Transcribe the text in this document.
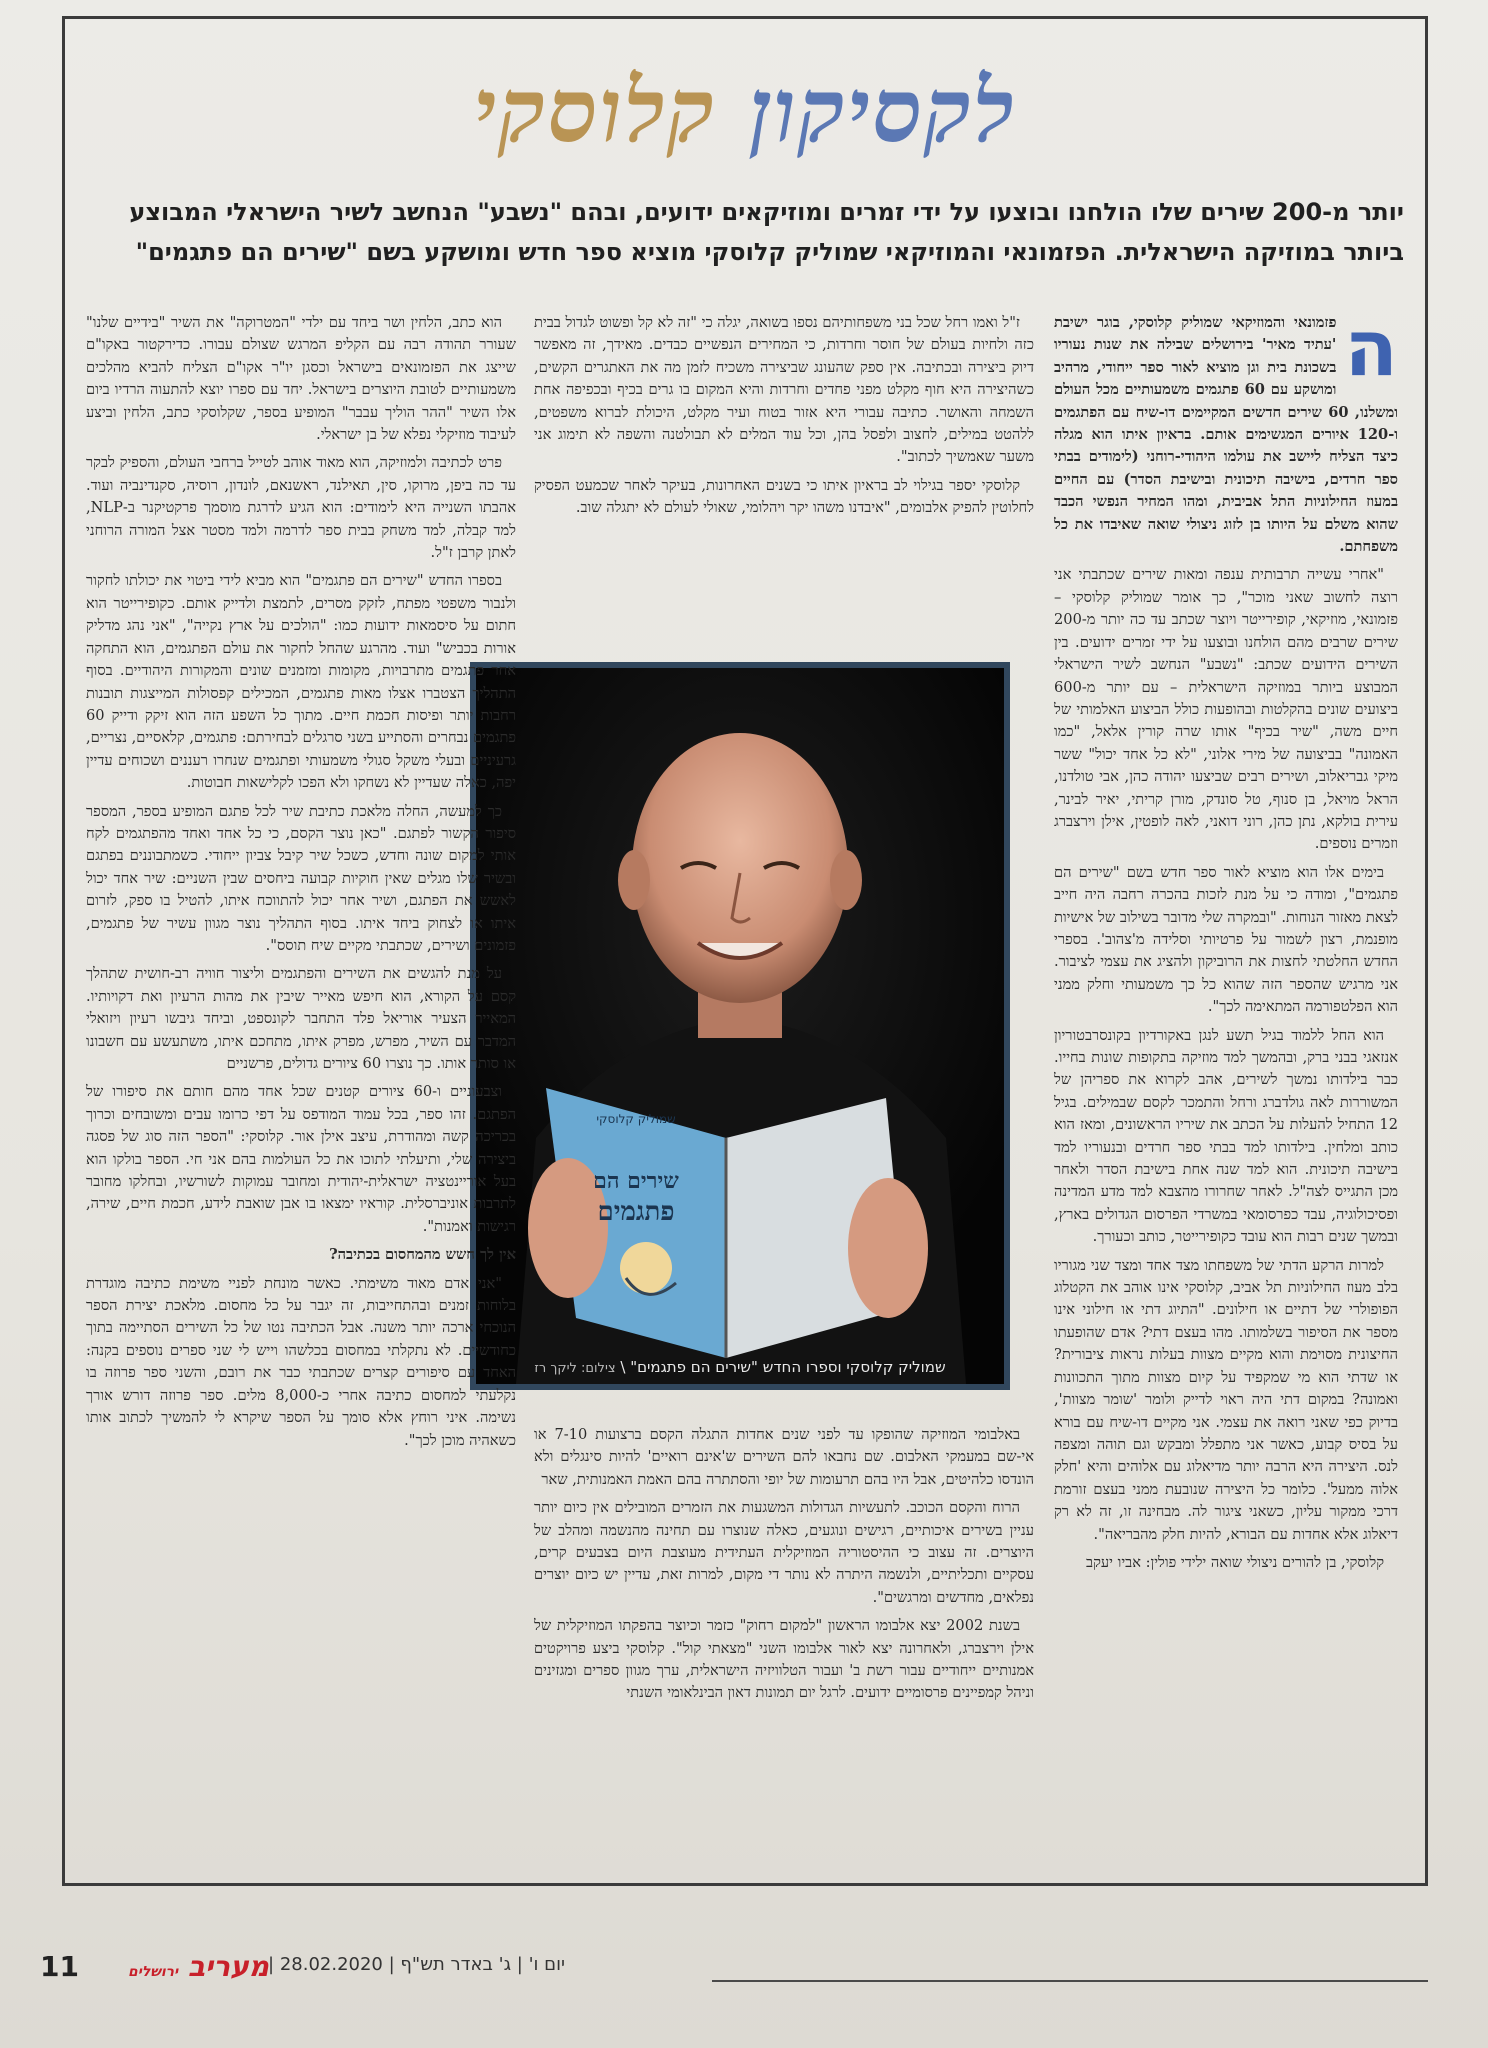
לקסיקון קלוסקי
יותר מ-200 שירים שלו הולחנו ובוצעו על ידי זמרים ומוזיקאים ידועים, ובהם "נשבע" הנחשב לשיר הישראלי המבוצע ביותר במוזיקה הישראלית. הפזמונאי והמוזיקאי שמוליק קלוסקי מוציא ספר חדש ומושקע בשם "שירים הם פתגמים"

ה
פזמונאי והמוזיקאי שמוליק קלוסקי, בוגר ישיבת 'עתיד מאיר' בירושלים שבילה את שנות נעוריו בשכונת בית וגן מוציא לאור ספר ייחודי, מרהיב ומושקע עם 60 פתגמים משמעותיים מכל העולם ומשלנו, 60 שירים חדשים המקיימים דו-שיח עם הפתגמים ו-120 איורים המגשימים אותם. בראיון איתו הוא מגלה כיצד הצליח ליישב את עולמו היהודי-רוחני (לימודים בבתי ספר חרדים, בישיבה תיכונית ובישיבת הסדר) עם החיים במעוז החילוניות התל אביבית, ומהו המחיר הנפשי הכבד שהוא משלם על היותו בן לזוג ניצולי שואה שאיבדו את כל משפחתם.

"אחרי עשייה תרבותית ענפה ומאות שירים שכתבתי אני רוצה לחשוב שאני מוכר", כך אומר שמוליק קלוסקי – פזמונאי, מוזיקאי, קופירייטר ויוצר שכתב עד כה יותר מ-200 שירים שרבים מהם הולחנו ובוצעו על ידי זמרים ידועים. בין השירים הידועים שכתב: "נשבע" הנחשב לשיר הישראלי המבוצע ביותר במוזיקה הישראלית – עם יותר מ-600 ביצועים שונים בהקלטות ובהופעות כולל הביצוע האלמותי של חיים משה, "שיר בכיף" אותו שרה קורין אלאל, "כמו האמונה" בביצועה של מירי אלוני, "לא כל אחד יכול" ששר מיקי גבריאלוב, ושירים רבים שביצעו יהודה כהן, אבי טולדנו, הראל מויאל, בן סנוף, טל סונדק, מורן קריתי, יאיר לבינר, עירית בולקא, נתן כהן, רוני דואני, לאה לופטין, אילן וירצברג וזמרים נוספים.

בימים אלו הוא מוציא לאור ספר חדש בשם "שירים הם פתגמים", ומודה כי על מנת לזכות בהכרה רחבה היה חייב לצאת מאזור הנוחות. "ובמקרה שלי מדובר בשילוב של אישיות מופנמת, רצון לשמור על פרטיותי וסלידה מ'צהוב'. בספרי החדש החלטתי לחצות את הרוביקון ולהציג את עצמי לציבור. אני מרגיש שהספר הזה שהוא כל כך משמעותי וחלק ממני הוא הפלטפורמה המתאימה לכך".

הוא החל ללמוד בגיל תשע לנגן באקורדיון בקונסרבטוריון אנזאגי בבני ברק, ובהמשך למד מוזיקה בתקופות שונות בחייו. כבר בילדותו נמשך לשירים, אהב לקרוא את ספריהן של המשוררות לאה גולדברג ורחל והתמכר לקסם שבמילים. בגיל 12 התחיל להעלות על הכתב את שיריו הראשונים, ומאז הוא כותב ומלחין. בילדותו למד בבתי ספר חרדים ובנעוריו למד בישיבה תיכונית. הוא למד שנה אחת בישיבת הסדר ולאחר מכן התגייס לצה"ל. לאחר שחרורו מהצבא למד מדע המדינה ופסיכולוגיה, עבד כפרסומאי במשרדי הפרסום הגדולים בארץ, ובמשך שנים רבות הוא עובד כקופירייטר, כותב וכעורך.

למרות הרקע הדתי של משפחתו מצד אחד ומצד שני מגוריו בלב מעוז החילוניות תל אביב, קלוסקי אינו אוהב את הקטלוג הפופולרי של דתיים או חילונים. "התיוג דתי או חילוני אינו מספר את הסיפור בשלמותו. מהו בעצם דתי? אדם שהופעתו החיצונית מסוימת והוא מקיים מצוות בעלות נראות ציבורית? או שדתי הוא מי שמקפיד על קיום מצוות מתוך התכוונות ואמונה? במקום דתי היה ראוי לדייק ולומר 'שומר מצוות', בדיוק כפי שאני רואה את עצמי. אני מקיים דו-שיח עם בורא על בסיס קבוע, כאשר אני מתפלל ומבקש וגם תוהה ומצפה לנס. היצירה היא הרבה יותר מדיאלוג עם אלוהים והיא 'חלק אלוה ממעל'. כלומר כל היצירה שנובעת ממני בעצם זורמת דרכי ממקור עליון, כשאני ציגור לה. מבחינה זו, זה לא רק דיאלוג אלא אחדות עם הבורא, להיות חלק מהבריאה".

קלוסקי, בן להורים ניצולי שואה ילידי פולין: אביו יעקב

ז"ל ואמו רחל שכל בני משפחותיהם נספו בשואה, יגלה כי "זה לא קל ופשוט לגדול בבית כזה ולחיות בעולם של חוסר וחרדות, כי המחירים הנפשיים כבדים. מאידך, זה מאפשר דיוק ביצירה ובכתיבה. אין ספק שהעונג שביצירה משכיח לזמן מה את האתגרים הקשים, כשהיצירה היא חוף מקלט מפני פחדים וחרדות והיא המקום בו גרים בכיף ובכפיפה אחת השמחה והאושר. כתיבה עבורי היא אזור בטוח ועיר מקלט, היכולת לברוא משפטים, ללהטט במילים, לחצוב ולפסל בהן, וכל עוד המלים לא תבולטנה והשפה לא תימוג אני משער שאמשיך לכתוב".

קלוסקי יספר בגילוי לב בראיון איתו כי בשנים האחרונות, בעיקר לאחר שכמעט הפסיק לחלוטין להפיק אלבומים, "איבדנו משהו יקר ויהלומי, שאולי לעולם לא יתגלה שוב.

שירים הם
פתגמים
שמוליק קלוסקי
שמוליק קלוסקי וספרו החדש "שירים הם פתגמים" \ צילום: ליקך רז

באלבומי המוזיקה שהופקו עד לפני שנים אחדות התגלה הקסם ברצועות 7-10 או אי-שם במעמקי האלבום. שם נחבאו להם השירים ש'אינם רואיים' להיות סינגלים ולא הונדסו כלהיטים, אבל היו בהם תרעומות של יופי והסתתרה בהם האמת האמנותית, שאר

הרוח והקסם הכוכב. לתעשיות הגדולות המשגעות את הזמרים המובילים אין כיום יותר עניין בשירים איכותיים, רגישים ונוגעים, כאלה שנוצרו עם תחינה מהנשמה ומהלב של היוצרים. זה עצוב כי ההיסטוריה המוזיקלית העתידית מעוצבת היום בצבעים קרים, עסקיים ותכליתיים, ולנשמה היתרה לא נותר די מקום, למרות זאת, עדיין יש כיום יוצרים נפלאים, מחדשים ומרגשים".

בשנת 2002 יצא אלבומו הראשון "למקום רחוק" כזמר וכיוצר בהפקתו המוזיקלית של אילן וירצברג, ולאחרונה יצא לאור אלבומו השני "מצאתי קול". קלוסקי ביצע פרויקטים אמנותיים ייחודיים עבור רשת ב' ועבור הטלוויזיה הישראלית, ערך מגוון ספרים ומגזינים וניהל קמפיינים פרסומיים ידועים. לרגל יום תמונות דאון הבינלאומי השנתי

הוא כתב, הלחין ושר ביחד עם ילדי "המטרוקה" את השיר "בידיים שלנו" שעורר תהודה רבה עם הקליפ המרגש שצולם עבורו. כדירקטור באקו"ם שייצג את הפזמונאים בישראל וכסגן יו"ר אקו"ם הצליח להביא מהלכים משמעותיים לטובת היוצרים בישראל. יחד עם ספרו יוצא להתעוה הרדיו ביום אלו השיר "ההר הוליך עבבר" המופיע בספר, שקלוסקי כתב, הלחין וביצע לעיבוד מוזיקלי נפלא של בן ישראלי.

פרט לכתיבה ולמוזיקה, הוא מאוד אוהב לטייל ברחבי העולם, והספיק לבקר עד כה ביפן, מרוקו, סין, תאילנד, ראשנאם, לונדון, רוסיה, סקנדינביה ועוד. אהבתו השנייה היא לימודים: הוא הגיע לדרגת מוסמך פרקטיקנר ב-NLP, למד קבלה, למד משחק בבית ספר לדרמה ולמד מסטר אצל המורה הרוחני לאתן קרבן ז"ל.

בספרו החדש "שירים הם פתגמים" הוא מביא לידי ביטוי את יכולתו לחקור ולנבור משפטי מפתח, לזקק מסרים, לתמצת ולדייק אותם. כקופירייטר הוא חתום על סיסמאות ידועות כמו: "הולכים על ארץ נקייה", "אני נהג מדליק אורות בכביש" ועוד. מהרגע שהחל לחקור את עולם הפתגמים, הוא התחקה אחר פתגמים מתרבויות, מקומות ומזמנים שונים והמקורות היהודיים. בסוף התהליך הצטברו אצלו מאות פתגמים, המכילים קפסולות המייצגות תובנות רחבות יותר ופיסות חכמת חיים. מתוך כל השפע הזה הוא זיקק ודייק 60 פתגמים נבחרים והסתייע בשני סרגלים לבחירתם: פתגמים, קלאסיים, נצריים, גרעיניים ובעלי משקל סגולי משמעותי ופתגמים שנחרו רעננים ושכוחים עדיין יפה, כאלה שעדיין לא נשחקו ולא הפכו לקלישאות חבוטות.

כך למעשה, החלה מלאכת כתיבת שיר לכל פתגם המופיע בספר, המספר סיפור הקשור לפתגם. "כאן נוצר הקסם, כי כל אחד ואחד מהפתגמים לקח אותי למקום שונה וחדש, כשכל שיר קיבל צביון ייחודי. כשמתבוננים בפתגם ובשיר שלו מגלים שאין חוקיות קבועה ביחסים שבין השניים: שיר אחד יכול לאשש את הפתגם, ושיר אחר יכול להתווכח איתו, להטיל בו ספק, לזרום איתו או לצחוק ביחד איתו. בסוף התהליך נוצר מגוון עשיר של פתגמים, פזמונים ושירים, שכתבתי מקיים שיח תוסס".

על מנת להגשים את השירים והפתגמים וליצור חוויה רב-חושית שתהלך קסם על הקורא, הוא חיפש מאייר שיבין את מהות הרעיון ואת דקויותיו. המאייר הצעיר אוריאל פלד התחבר לקונספט, וביחד גיבשו רעיון ויזואלי המדבר עם השיר, מפרש, מפרק איתו, מתחכם איתו, משתעשע עם חשבונו או סותר אותו. כך נוצרו 60 ציורים גדולים, פרשניים

וצבעוניים ו-60 ציורים קטנים שכל אחד מהם חותם את סיפורו של הפתגם. זהו ספר, בכל עמוד המודפס על דפי כרומו עבים ומשובחים וכרוך בכריכה קשה ומהודרת, עיצב אילן אור. קלוסקי: "הספר הזה סוג של פסגה ביצירה שלי, ותיעלתי לתוכו את כל העולמות בהם אני חי. הספר בולקו הוא בעל אוריינטציה ישראלית-יהודית ומחובר עמוקות לשורשיו, ובחלקו מחובר לתרבות אוניברסלית. קוראיו ימצאו בו אבן שואבת לידע, חכמת חיים, שירה, רגישות ואמנות".

אין לך חשש מהמחסום בכתיבה?

"אני אדם מאוד משימתי. כאשר מונחת לפניי משימת כתיבה מוגדרת בלוחות זמנים ובהתחייבות, זה יגבר על כל מחסום. מלאכת יצירת הספר הנוכחי ארכה יותר משנה. אבל הכתיבה נטו של כל השירים הסתיימה בתוך כחודשיים. לא נתקלתי במחסום בכלשהו וייש לי שני ספרים נוספים בקנה: האחד עם סיפורים קצרים שכתבתי כבר את רובם, והשני ספר פרוזה בו נקלעתי למחסום כתיבה אחרי כ-8,000 מלים. ספר פרוזה דורש אורך נשימה. איני רוחץ אלא סומך על הספר שיקרא לי להמשיך לכתוב אותו כשאהיה מוכן לכך".

11	מעריב ירושלים	יום ו' | ג' באדר תש"ף | 28.02.2020 |
